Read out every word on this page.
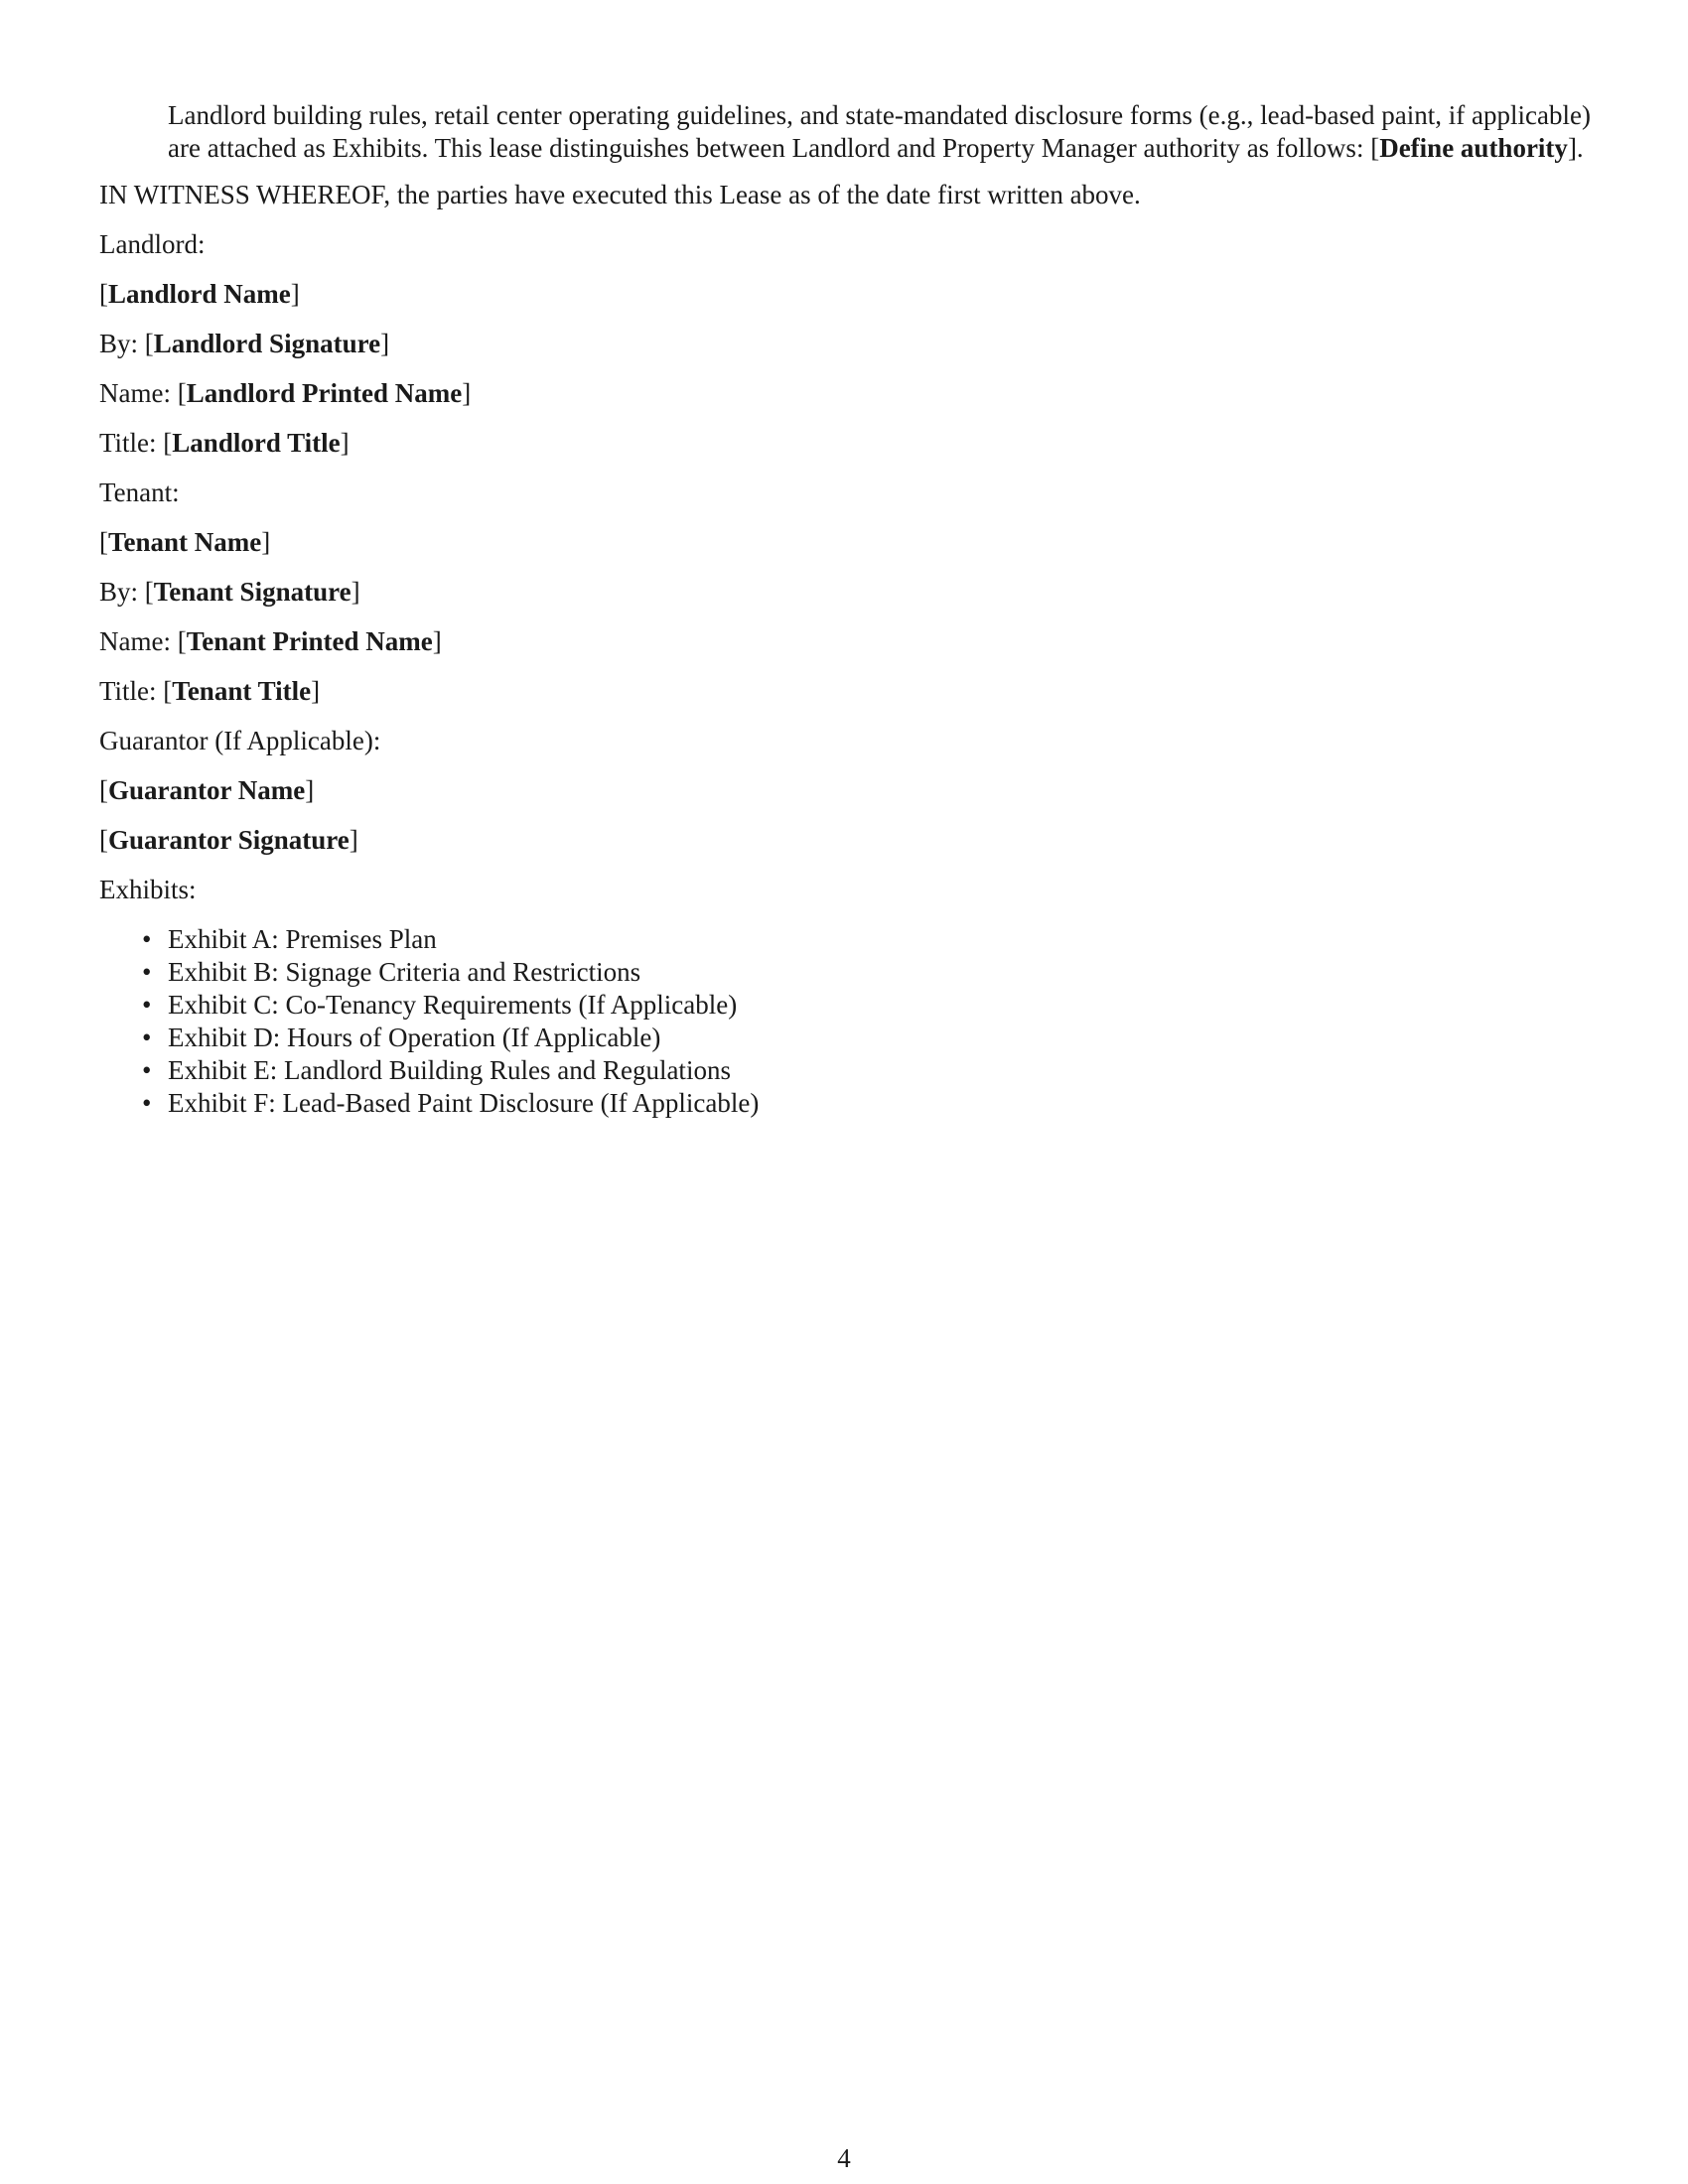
Landlord building rules, retail center operating guidelines, and state-mandated disclosure forms (e.g., lead-based paint, if applicable) are attached as Exhibits. This lease distinguishes between Landlord and Property Manager authority as follows: [Define authority].

IN WITNESS WHEREOF, the parties have executed this Lease as of the date first written above.

Landlord:

[Landlord Name]

By: [Landlord Signature]

Name: [Landlord Printed Name]

Title: [Landlord Title]

Tenant:

[Tenant Name]

By: [Tenant Signature]

Name: [Tenant Printed Name]

Title: [Tenant Title]

Guarantor (If Applicable):

[Guarantor Name]

[Guarantor Signature]

Exhibits:

• Exhibit A: Premises Plan
• Exhibit B: Signage Criteria and Restrictions
• Exhibit C: Co-Tenancy Requirements (If Applicable)
• Exhibit D: Hours of Operation (If Applicable)
• Exhibit E: Landlord Building Rules and Regulations
• Exhibit F: Lead-Based Paint Disclosure (If Applicable)
4
